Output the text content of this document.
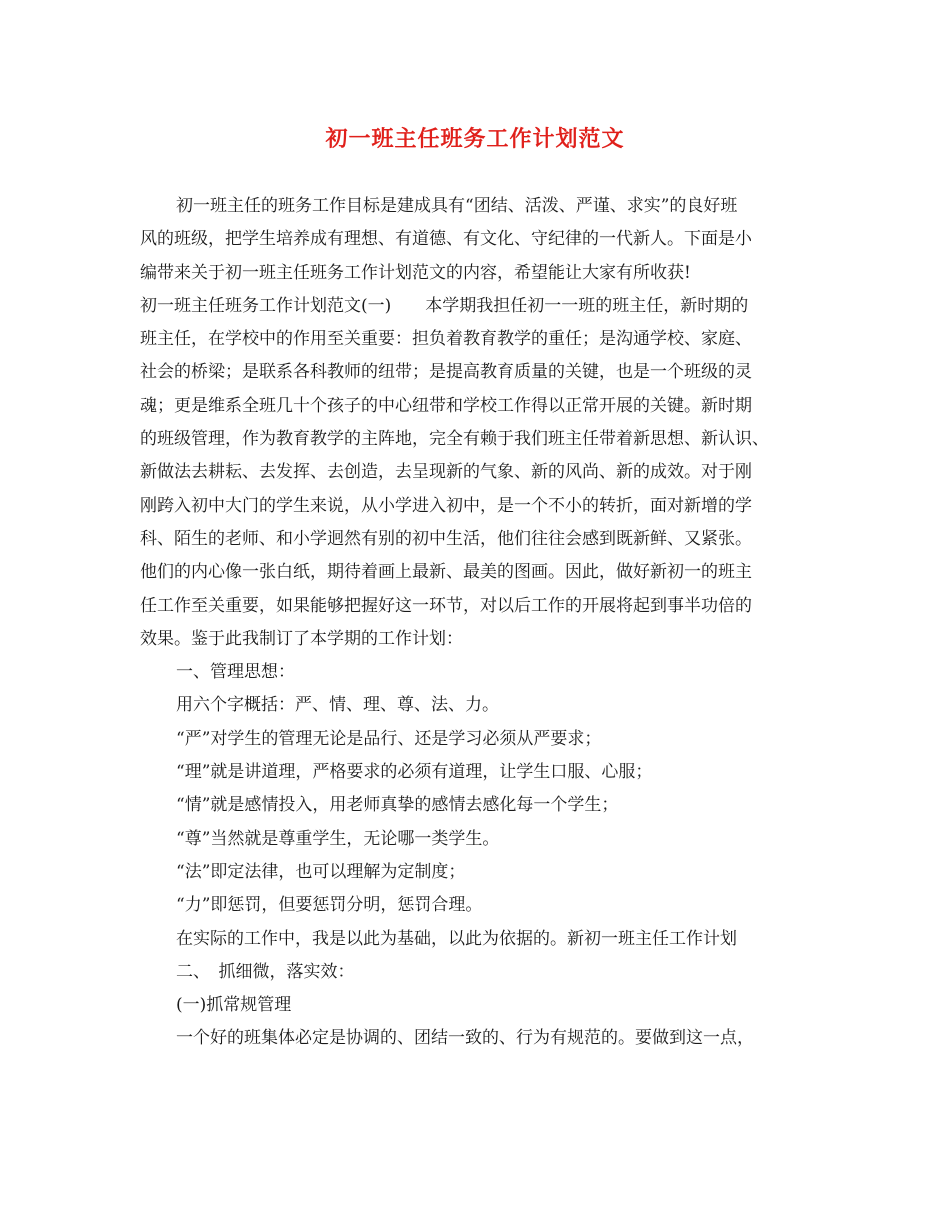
初一班主任班务工作计划范文
初一班主任的班务工作目标是建成具有“团结、活泼、严谨、求实”的良好班
风的班级，把学生培养成有理想、有道德、有文化、守纪律的一代新人。下面是小
编带来关于初一班主任班务工作计划范文的内容，希望能让大家有所收获!
初一班主任班务工作计划范文(一)　　本学期我担任初一一班的班主任，新时期的
班主任，在学校中的作用至关重要：担负着教育教学的重任；是沟通学校、家庭、
社会的桥梁；是联系各科教师的纽带；是提高教育质量的关键，也是一个班级的灵
魂；更是维系全班几十个孩子的中心纽带和学校工作得以正常开展的关键。新时期
的班级管理，作为教育教学的主阵地，完全有赖于我们班主任带着新思想、新认识、
新做法去耕耘、去发挥、去创造，去呈现新的气象、新的风尚、新的成效。对于刚
刚跨入初中大门的学生来说，从小学进入初中，是一个不小的转折，面对新增的学
科、陌生的老师、和小学迥然有别的初中生活，他们往往会感到既新鲜、又紧张。
他们的内心像一张白纸，期待着画上最新、最美的图画。因此，做好新初一的班主
任工作至关重要，如果能够把握好这一环节，对以后工作的开展将起到事半功倍的
效果。鉴于此我制订了本学期的工作计划：
一、管理思想：
用六个字概括：严、情、理、尊、法、力。
“严”对学生的管理无论是品行、还是学习必须从严要求；
“理”就是讲道理，严格要求的必须有道理，让学生口服、心服；
“情”就是感情投入，用老师真挚的感情去感化每一个学生；
“尊”当然就是尊重学生，无论哪一类学生。
“法”即定法律，也可以理解为定制度；
“力”即惩罚，但要惩罚分明，惩罚合理。
在实际的工作中，我是以此为基础，以此为依据的。新初一班主任工作计划
二、　抓细微，落实效：
(一)抓常规管理
一个好的班集体必定是协调的、团结一致的、行为有规范的。要做到这一点，
